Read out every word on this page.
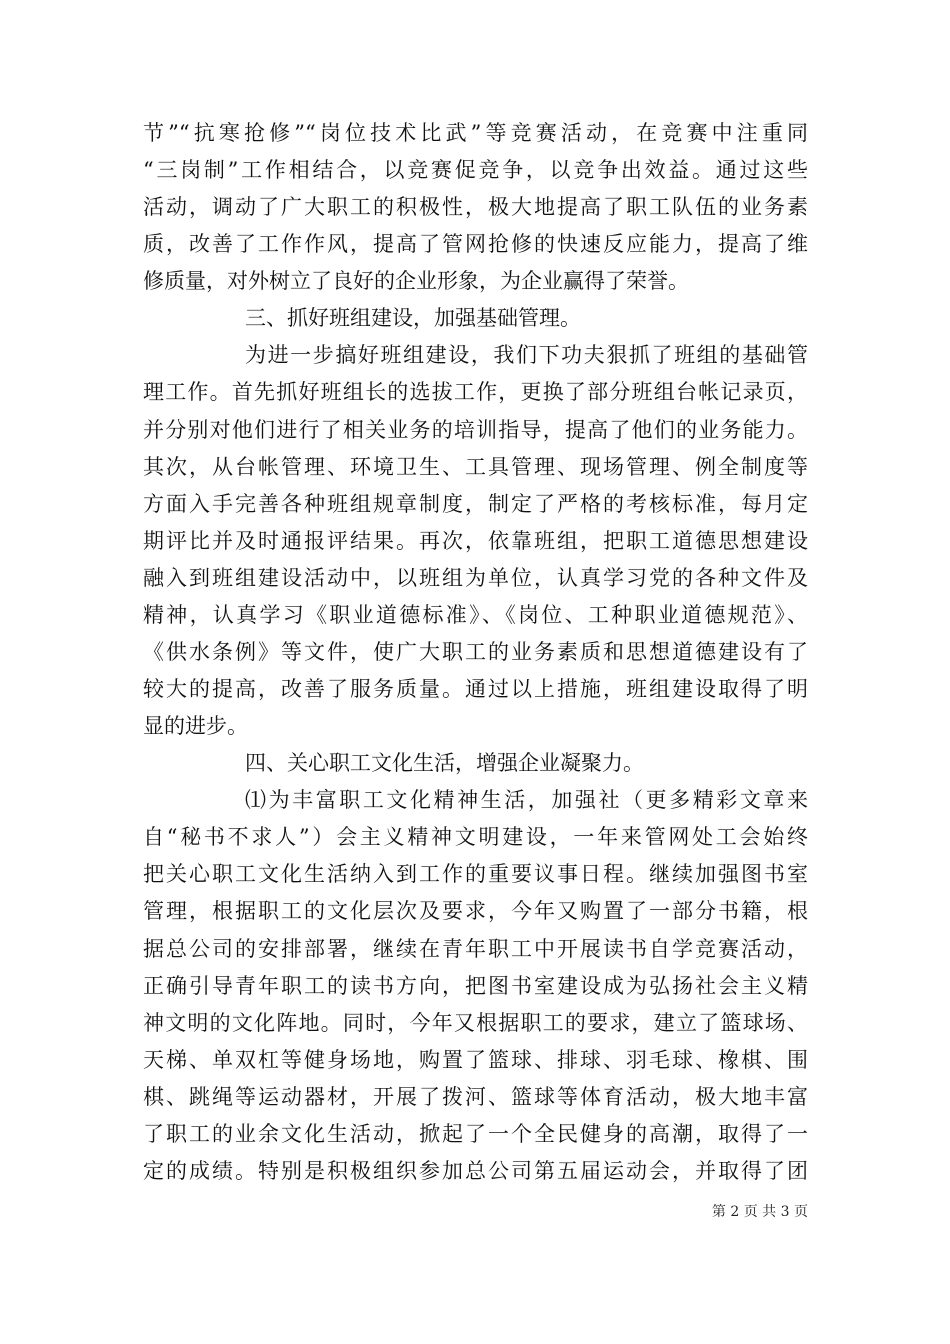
节”“抗寒抢修”“岗位技术比武”等竞赛活动，在竞赛中注重同
“三岗制”工作相结合，以竞赛促竞争，以竞争出效益。通过这些
活动，调动了广大职工的积极性，极大地提高了职工队伍的业务素
质，改善了工作作风，提高了管网抢修的快速反应能力，提高了维
修质量，对外树立了良好的企业形象，为企业赢得了荣誉。
三、抓好班组建设，加强基础管理。
为进一步搞好班组建设，我们下功夫狠抓了班组的基础管
理工作。首先抓好班组长的选拔工作，更换了部分班组台帐记录页，
并分别对他们进行了相关业务的培训指导，提高了他们的业务能力。
其次，从台帐管理、环境卫生、工具管理、现场管理、例全制度等
方面入手完善各种班组规章制度，制定了严格的考核标准，每月定
期评比并及时通报评结果。再次，依靠班组，把职工道德思想建设
融入到班组建设活动中，以班组为单位，认真学习党的各种文件及
精神，认真学习《职业道德标准》、《岗位、工种职业道德规范》、
《供水条例》等文件，使广大职工的业务素质和思想道德建设有了
较大的提高，改善了服务质量。通过以上措施，班组建设取得了明
显的进步。
四、关心职工文化生活，增强企业凝聚力。
⑴为丰富职工文化精神生活，加强社（更多精彩文章来
自“秘书不求人”）会主义精神文明建设，一年来管网处工会始终
把关心职工文化生活纳入到工作的重要议事日程。继续加强图书室
管理，根据职工的文化层次及要求，今年又购置了一部分书籍，根
据总公司的安排部署，继续在青年职工中开展读书自学竞赛活动，
正确引导青年职工的读书方向，把图书室建设成为弘扬社会主义精
神文明的文化阵地。同时，今年又根据职工的要求，建立了篮球场、
天梯、单双杠等健身场地，购置了篮球、排球、羽毛球、橡棋、围
棋、跳绳等运动器材，开展了拨河、篮球等体育活动，极大地丰富
了职工的业余文化生活动，掀起了一个全民健身的高潮，取得了一
定的成绩。特别是积极组织参加总公司第五届运动会，并取得了团
第 2 页 共 3 页
